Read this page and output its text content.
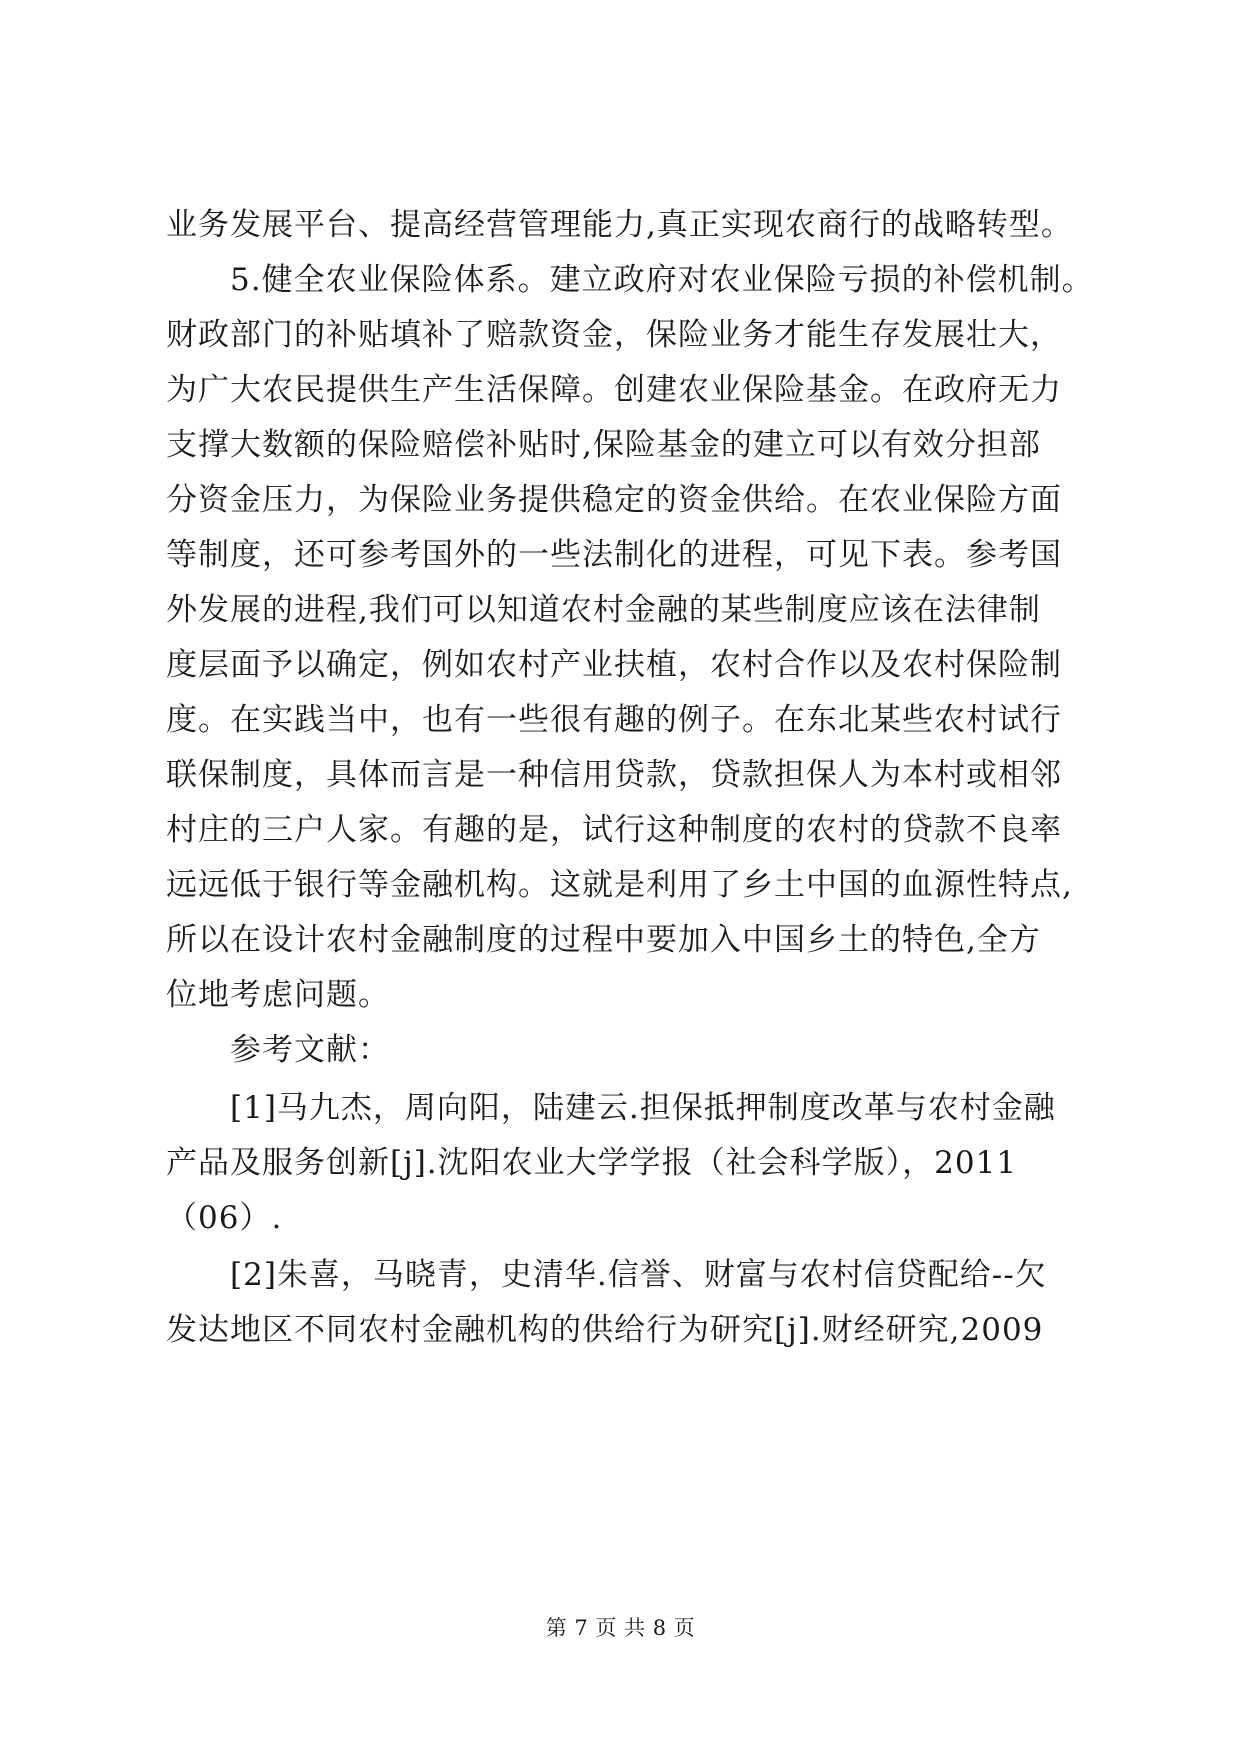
业务发展平台、提高经营管理能力,真正实现农商行的战略转型。
5.健全农业保险体系。建立政府对农业保险亏损的补偿机制。
财政部门的补贴填补了赔款资金，保险业务才能生存发展壮大，
为广大农民提供生产生活保障。创建农业保险基金。在政府无力
支撑大数额的保险赔偿补贴时,保险基金的建立可以有效分担部
分资金压力，为保险业务提供稳定的资金供给。在农业保险方面
等制度，还可参考国外的一些法制化的进程，可见下表。参考国
外发展的进程,我们可以知道农村金融的某些制度应该在法律制
度层面予以确定，例如农村产业扶植，农村合作以及农村保险制
度。在实践当中，也有一些很有趣的例子。在东北某些农村试行
联保制度，具体而言是一种信用贷款，贷款担保人为本村或相邻
村庄的三户人家。有趣的是，试行这种制度的农村的贷款不良率
远远低于银行等金融机构。这就是利用了乡土中国的血源性特点,
所以在设计农村金融制度的过程中要加入中国乡土的特色,全方
位地考虑问题。
参考文献：
[1]马九杰，周向阳，陆建云.担保抵押制度改革与农村金融
产品及服务创新[j].沈阳农业大学学报（社会科学版），2011
（06）.
[2]朱喜，马晓青，史清华.信誉、财富与农村信贷配给--欠
发达地区不同农村金融机构的供给行为研究[j].财经研究,2009
第 7 页 共 8 页
